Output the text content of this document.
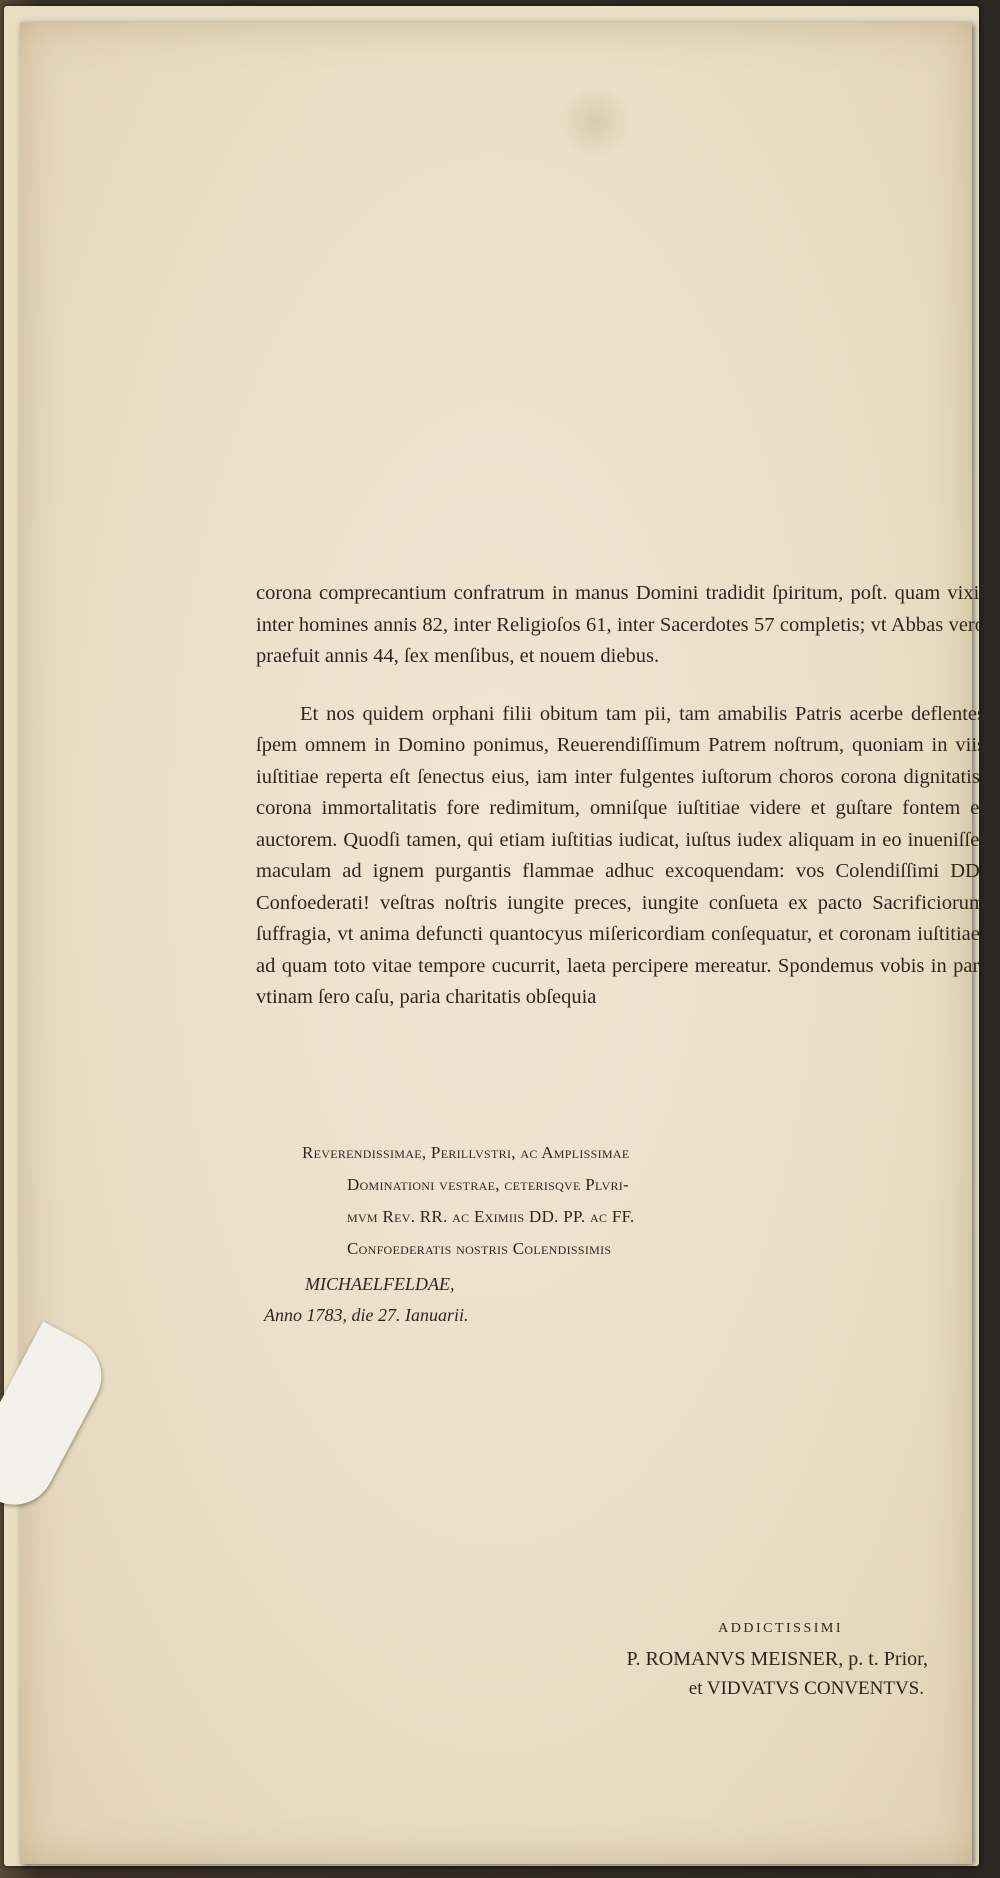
corona comprecantium confratrum in manus Domini tradidit ſpiritum, poſt. quam vixit inter homines annis 82, inter Religioſos 61, inter Sacerdotes 57 completis; vt Abbas vero praefuit annis 44, ſex menſibus, et nouem diebus.

Et nos quidem orphani filii obitum tam pii, tam amabilis Patris acerbe deflentes ſpem omnem in Domino ponimus, Reuerendiſſimum Patrem noſtrum, quoniam in viis iuſtitiae reperta eſt ſenectus eius, iam inter fulgentes iuſtorum choros corona dignitatis, corona immortalitatis fore redimitum, omniſque iuſtitiae videre et guſtare fontem et auctorem. Quodſi tamen, qui etiam iuſtitias iudicat, iuſtus iudex aliquam in eo inueniſſet maculam ad ignem purgantis flammae adhuc excoquendam: vos Colendiſſimi DD. Confoederati! veſtras noſtris iungite preces, iungite conſueta ex pacto Sacrificiorum ſuffragia, vt anima defuncti quantocyus miſericordiam conſequatur, et coronam iuſtitiae, ad quam toto vitae tempore cucurrit, laeta percipere mereatur. Spondemus vobis in pari vtinam ſero caſu, paria charitatis obſequia

Reverendissimae, Perillvstri, ac Amplissimae
Dominationi vestrae, ceterisqve Plvri-
mvm Rev. RR. ac Eximiis DD. PP. ac FF.
Confoederatis nostris Colendissimis
MICHAELFELDAE,
Anno 1783, die 27. Ianuarii.
ADDICTISSIMI
P. ROMANVS MEISNER, p. t. Prior,
et VIDVATVS CONVENTVS.
